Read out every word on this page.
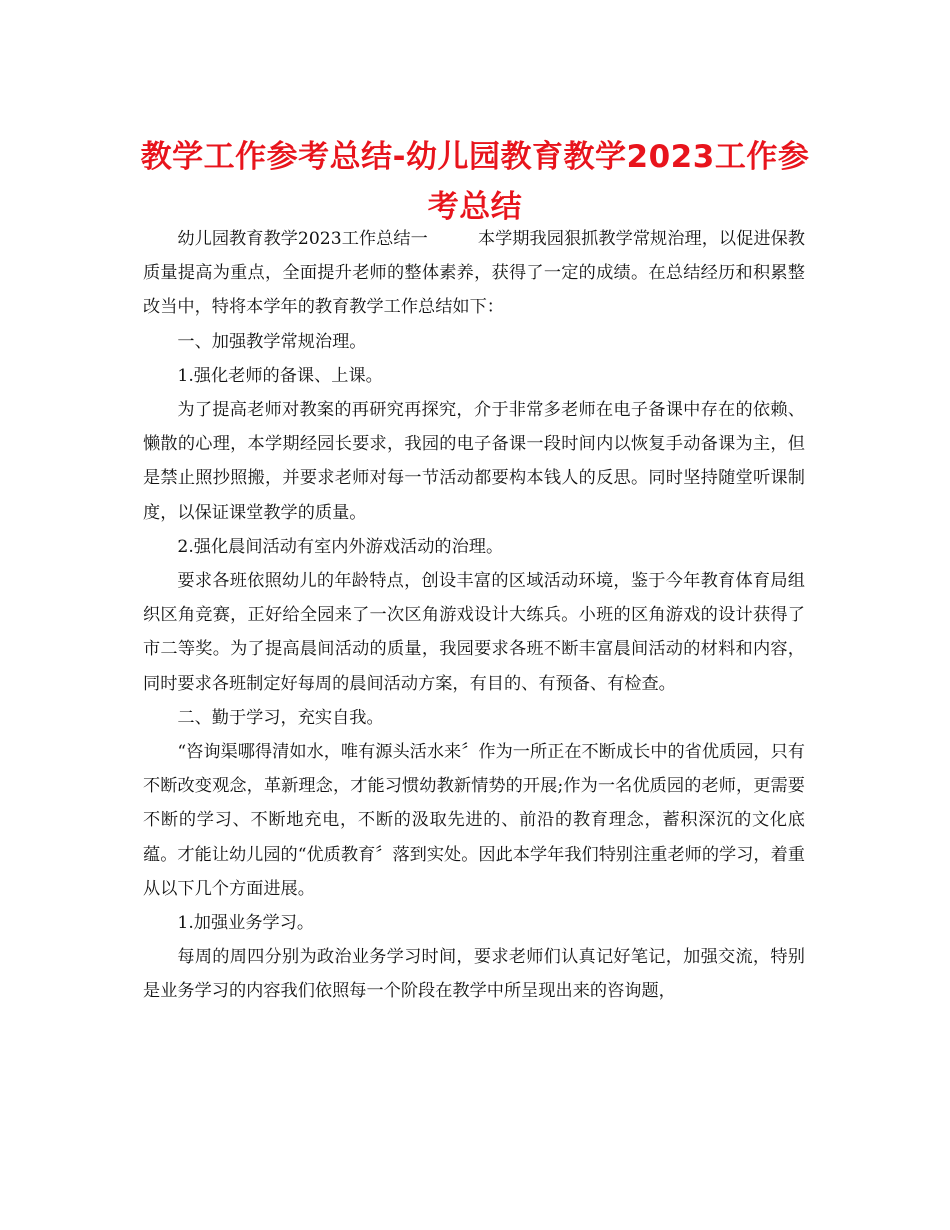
教学工作参考总结-幼儿园教育教学2023工作参考总结

幼儿园教育教学2023工作总结一	本学期我园狠抓教学常规治理，以促进保教质量提高为重点，全面提升老师的整体素养，获得了一定的成绩。在总结经历和积累整改当中，特将本学年的教育教学工作总结如下：

一、加强教学常规治理。

1.强化老师的备课、上课。

为了提高老师对教案的再研究再探究，介于非常多老师在电子备课中存在的依赖、懒散的心理，本学期经园长要求，我园的电子备课一段时间内以恢复手动备课为主，但是禁止照抄照搬，并要求老师对每一节活动都要构本钱人的反思。同时坚持随堂听课制度，以保证课堂教学的质量。

2.强化晨间活动有室内外游戏活动的治理。

要求各班依照幼儿的年龄特点，创设丰富的区域活动环境，鉴于今年教育体育局组织区角竞赛，正好给全园来了一次区角游戏设计大练兵。小班的区角游戏的设计获得了市二等奖。为了提高晨间活动的质量，我园要求各班不断丰富晨间活动的材料和内容，同时要求各班制定好每周的晨间活动方案，有目的、有预备、有检查。

二、勤于学习，充实自我。

“咨询渠哪得清如水，唯有源头活水来〞作为一所正在不断成长中的省优质园，只有不断改变观念，革新理念，才能习惯幼教新情势的开展;作为一名优质园的老师，更需要不断的学习、不断地充电，不断的汲取先进的、前沿的教育理念，蓄积深沉的文化底蕴。才能让幼儿园的“优质教育〞落到实处。因此本学年我们特别注重老师的学习，着重从以下几个方面进展。

1.加强业务学习。

每周的周四分别为政治业务学习时间，要求老师们认真记好笔记，加强交流，特别是业务学习的内容我们依照每一个阶段在教学中所呈现出来的咨询题，
